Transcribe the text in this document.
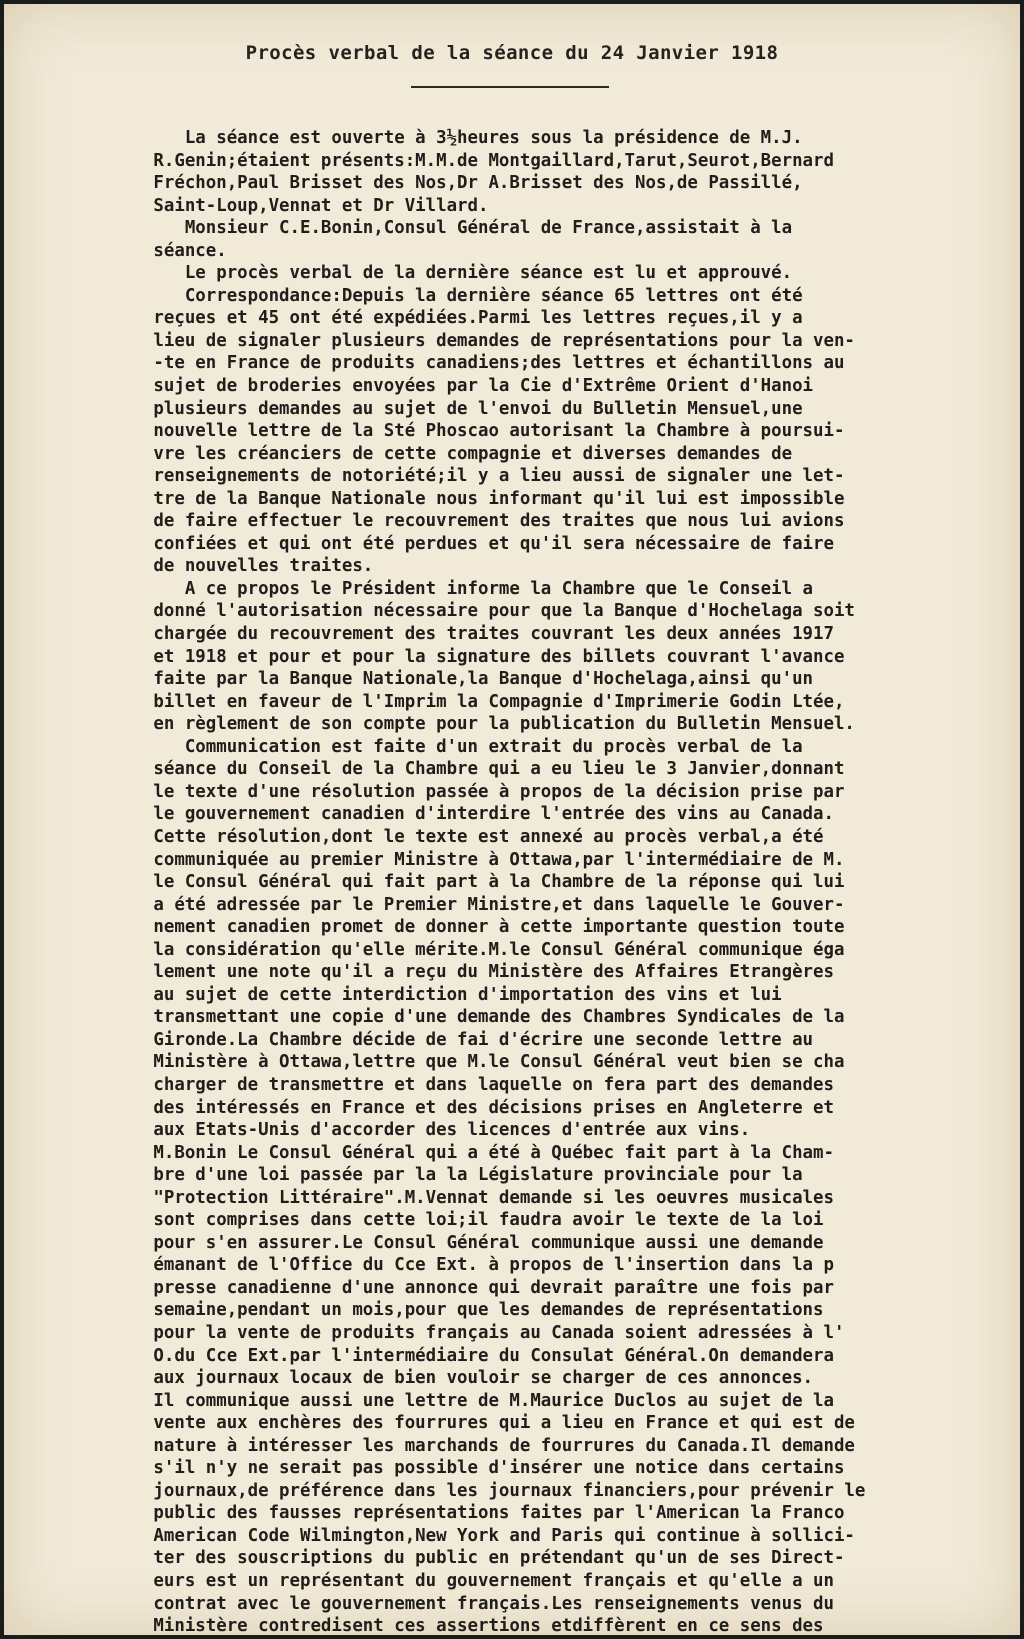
Procès verbal de la séance du 24 Janvier 1918
La séance est ouverte à 3½heures sous la présidence de M.J.
R.Genin;étaient présents:M.M.de Montgaillard,Tarut,Seurot,Bernard
Fréchon,Paul Brisset des Nos,Dr A.Brisset des Nos,de Passillé,
Saint-Loup,Vennat et Dr Villard.
Monsieur C.E.Bonin,Consul Général de France,assistait à la
séance.
Le procès verbal de la dernière séance est lu et approuvé.
Correspondance:Depuis la dernière séance 65 lettres ont été
reçues et 45 ont été expédiées.Parmi les lettres reçues,il y a
lieu de signaler plusieurs demandes de représentations pour la ven-
-te en France de produits canadiens;des lettres et échantillons au
sujet de broderies envoyées par la Cie d'Extrême Orient d'Hanoi
plusieurs demandes au sujet de l'envoi du Bulletin Mensuel,une
nouvelle lettre de la Sté Phoscao autorisant la Chambre à poursui-
vre les créanciers de cette compagnie et diverses demandes de
renseignements de notoriété;il y a lieu aussi de signaler une let-
tre de la Banque Nationale nous informant qu'il lui est impossible
de faire effectuer le recouvrement des traites que nous lui avions
confiées et qui ont été perdues et qu'il sera nécessaire de faire
de nouvelles traites.
A ce propos le Président informe la Chambre que le Conseil a
donné l'autorisation nécessaire pour que la Banque d'Hochelaga soit
chargée du recouvrement des traites couvrant les deux années 1917
et 1918 et pour et pour la signature des billets couvrant l'avance
faite par la Banque Nationale,la Banque d'Hochelaga,ainsi qu'un
billet en faveur de l'Imprim la Compagnie d'Imprimerie Godin Ltée,
en règlement de son compte pour la publication du Bulletin Mensuel.
Communication est faite d'un extrait du procès verbal de la
séance du Conseil de la Chambre qui a eu lieu le 3 Janvier,donnant
le texte d'une résolution passée à propos de la décision prise par
le gouvernement canadien d'interdire l'entrée des vins au Canada.
Cette résolution,dont le texte est annexé au procès verbal,a été
communiquée au premier Ministre à Ottawa,par l'intermédiaire de M.
le Consul Général qui fait part à la Chambre de la réponse qui lui
a été adressée par le Premier Ministre,et dans laquelle le Gouver-
nement canadien promet de donner à cette importante question toute
la considération qu'elle mérite.M.le Consul Général communique éga
lement une note qu'il a reçu du Ministère des Affaires Etrangères
au sujet de cette interdiction d'importation des vins et lui
transmettant une copie d'une demande des Chambres Syndicales de la
Gironde.La Chambre décide de fai d'écrire une seconde lettre au
Ministère à Ottawa,lettre que M.le Consul Général veut bien se cha
charger de transmettre et dans laquelle on fera part des demandes
des intéressés en France et des décisions prises en Angleterre et
aux Etats-Unis d'accorder des licences d'entrée aux vins.
M.Bonin Le Consul Général qui a été à Québec fait part à la Cham-
bre d'une loi passée par la la Législature provinciale pour la
"Protection Littéraire".M.Vennat demande si les oeuvres musicales
sont comprises dans cette loi;il faudra avoir le texte de la loi
pour s'en assurer.Le Consul Général communique aussi une demande
émanant de l'Office du Cce Ext. à propos de l'insertion dans la p
presse canadienne d'une annonce qui devrait paraître une fois par
semaine,pendant un mois,pour que les demandes de représentations
pour la vente de produits français au Canada soient adressées à l'
O.du Cce Ext.par l'intermédiaire du Consulat Général.On demandera
aux journaux locaux de bien vouloir se charger de ces annonces.
Il communique aussi une lettre de M.Maurice Duclos au sujet de la
vente aux enchères des fourrures qui a lieu en France et qui est de
nature à intéresser les marchands de fourrures du Canada.Il demande
s'il n'y ne serait pas possible d'insérer une notice dans certains
journaux,de préférence dans les journaux financiers,pour prévenir le
public des fausses représentations faites par l'American la Franco
American Code Wilmington,New York and Paris qui continue à sollici-
ter des souscriptions du public en prétendant qu'un de ses Direct-
eurs est un représentant du gouvernement français et qu'elle a un
contrat avec le gouvernement français.Les renseignements venus du
Ministère contredisent ces assertions etdiffèrent en ce sens des
